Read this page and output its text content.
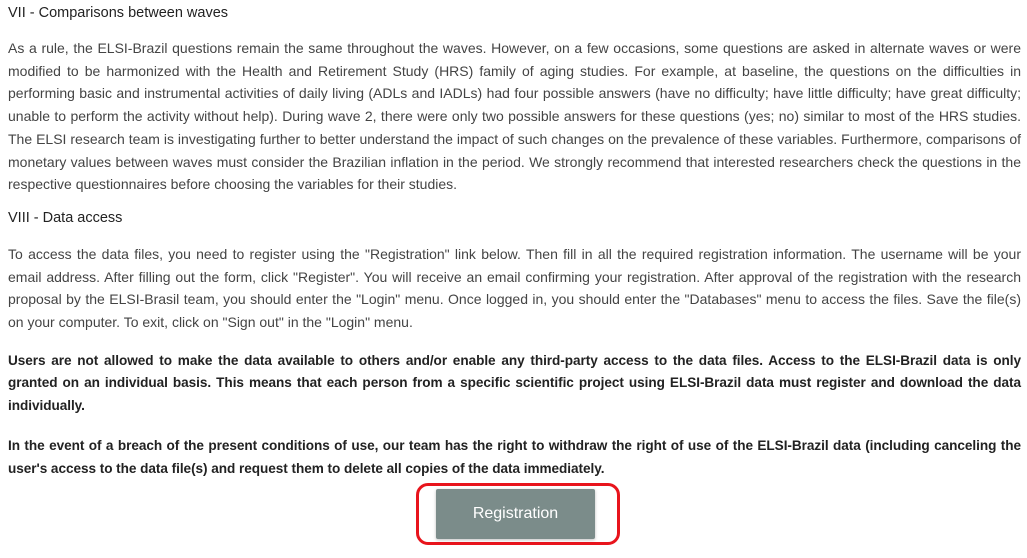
VII - Comparisons between waves

As a rule, the ELSI-Brazil questions remain the same throughout the waves. However, on a few occasions, some questions are asked in alternate waves or were modified to be harmonized with the Health and Retirement Study (HRS) family of aging studies. For example, at baseline, the questions on the difficulties in performing basic and instrumental activities of daily living (ADLs and IADLs) had four possible answers (have no difficulty; have little difficulty; have great difficulty; unable to perform the activity without help). During wave 2, there were only two possible answers for these questions (yes; no) similar to most of the HRS studies. The ELSI research team is investigating further to better understand the impact of such changes on the prevalence of these variables. Furthermore, comparisons of monetary values between waves must consider the Brazilian inflation in the period. We strongly recommend that interested researchers check the questions in the respective questionnaires before choosing the variables for their studies.

VIII - Data access

To access the data files, you need to register using the "Registration" link below. Then fill in all the required registration information. The username will be your email address. After filling out the form, click "Register". You will receive an email confirming your registration. After approval of the registration with the research proposal by the ELSI-Brasil team, you should enter the "Login" menu. Once logged in, you should enter the "Databases" menu to access the files. Save the file(s) on your computer. To exit, click on "Sign out" in the "Login" menu.

Users are not allowed to make the data available to others and/or enable any third-party access to the data files. Access to the ELSI-Brazil data is only granted on an individual basis. This means that each person from a specific scientific project using ELSI-Brazil data must register and download the data individually.

In the event of a breach of the present conditions of use, our team has the right to withdraw the right of use of the ELSI-Brazil data (including canceling the user's access to the data file(s) and request them to delete all copies of the data immediately.

Registration
